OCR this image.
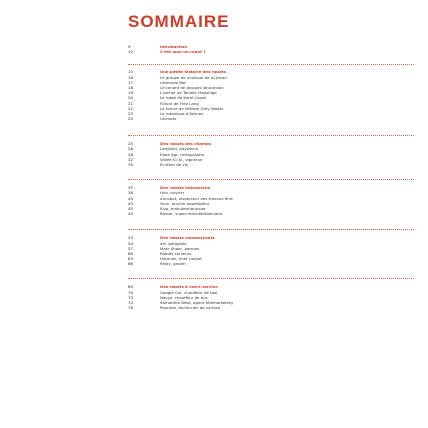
SOMMAIRE
9	Introduction
12	C'est quoi un robot ?
15	Une petite histoire des robots
16	Le groupe de musique de Al-Jazari
17	Léonardo Bot
18	Le canard de Jacques Vaucanson
19	L'archer de Tanaka Hisashige
20	Le robot de Karel Čapek
21	Futura de Fritz Lang
22	La tortue de William Grey Walter
23	La robotique d'Asimov
24	Unimate
25	Des robots des champs
26	Ladybird, paysanne
28	Ebee Agr, cartographe
32	Vallée V.I.N., vigneron
35	Écuteur de vin
37	Des robots industrieux
38	Hiro, ouvrier
40	Aircobot, inspecteur des travaux finis
43	Yumi, ouvrier assembleur
45	Kiva, manutentionnaire
49	Baxter, super-manutentionnaire
53	Des robots commerçants
54	Art, garagiste
57	Makr Shakr, barman
60	Robots serveurs
63	Hotonan, chef cuistot
66	Relay, groom
69	Des robots à votre service
70	Google Car, chauffeur de taxi
73	Navya, chauffeur de bus
74	Samantha West, agent télémarketing
78	Roomba, technicien de surface
